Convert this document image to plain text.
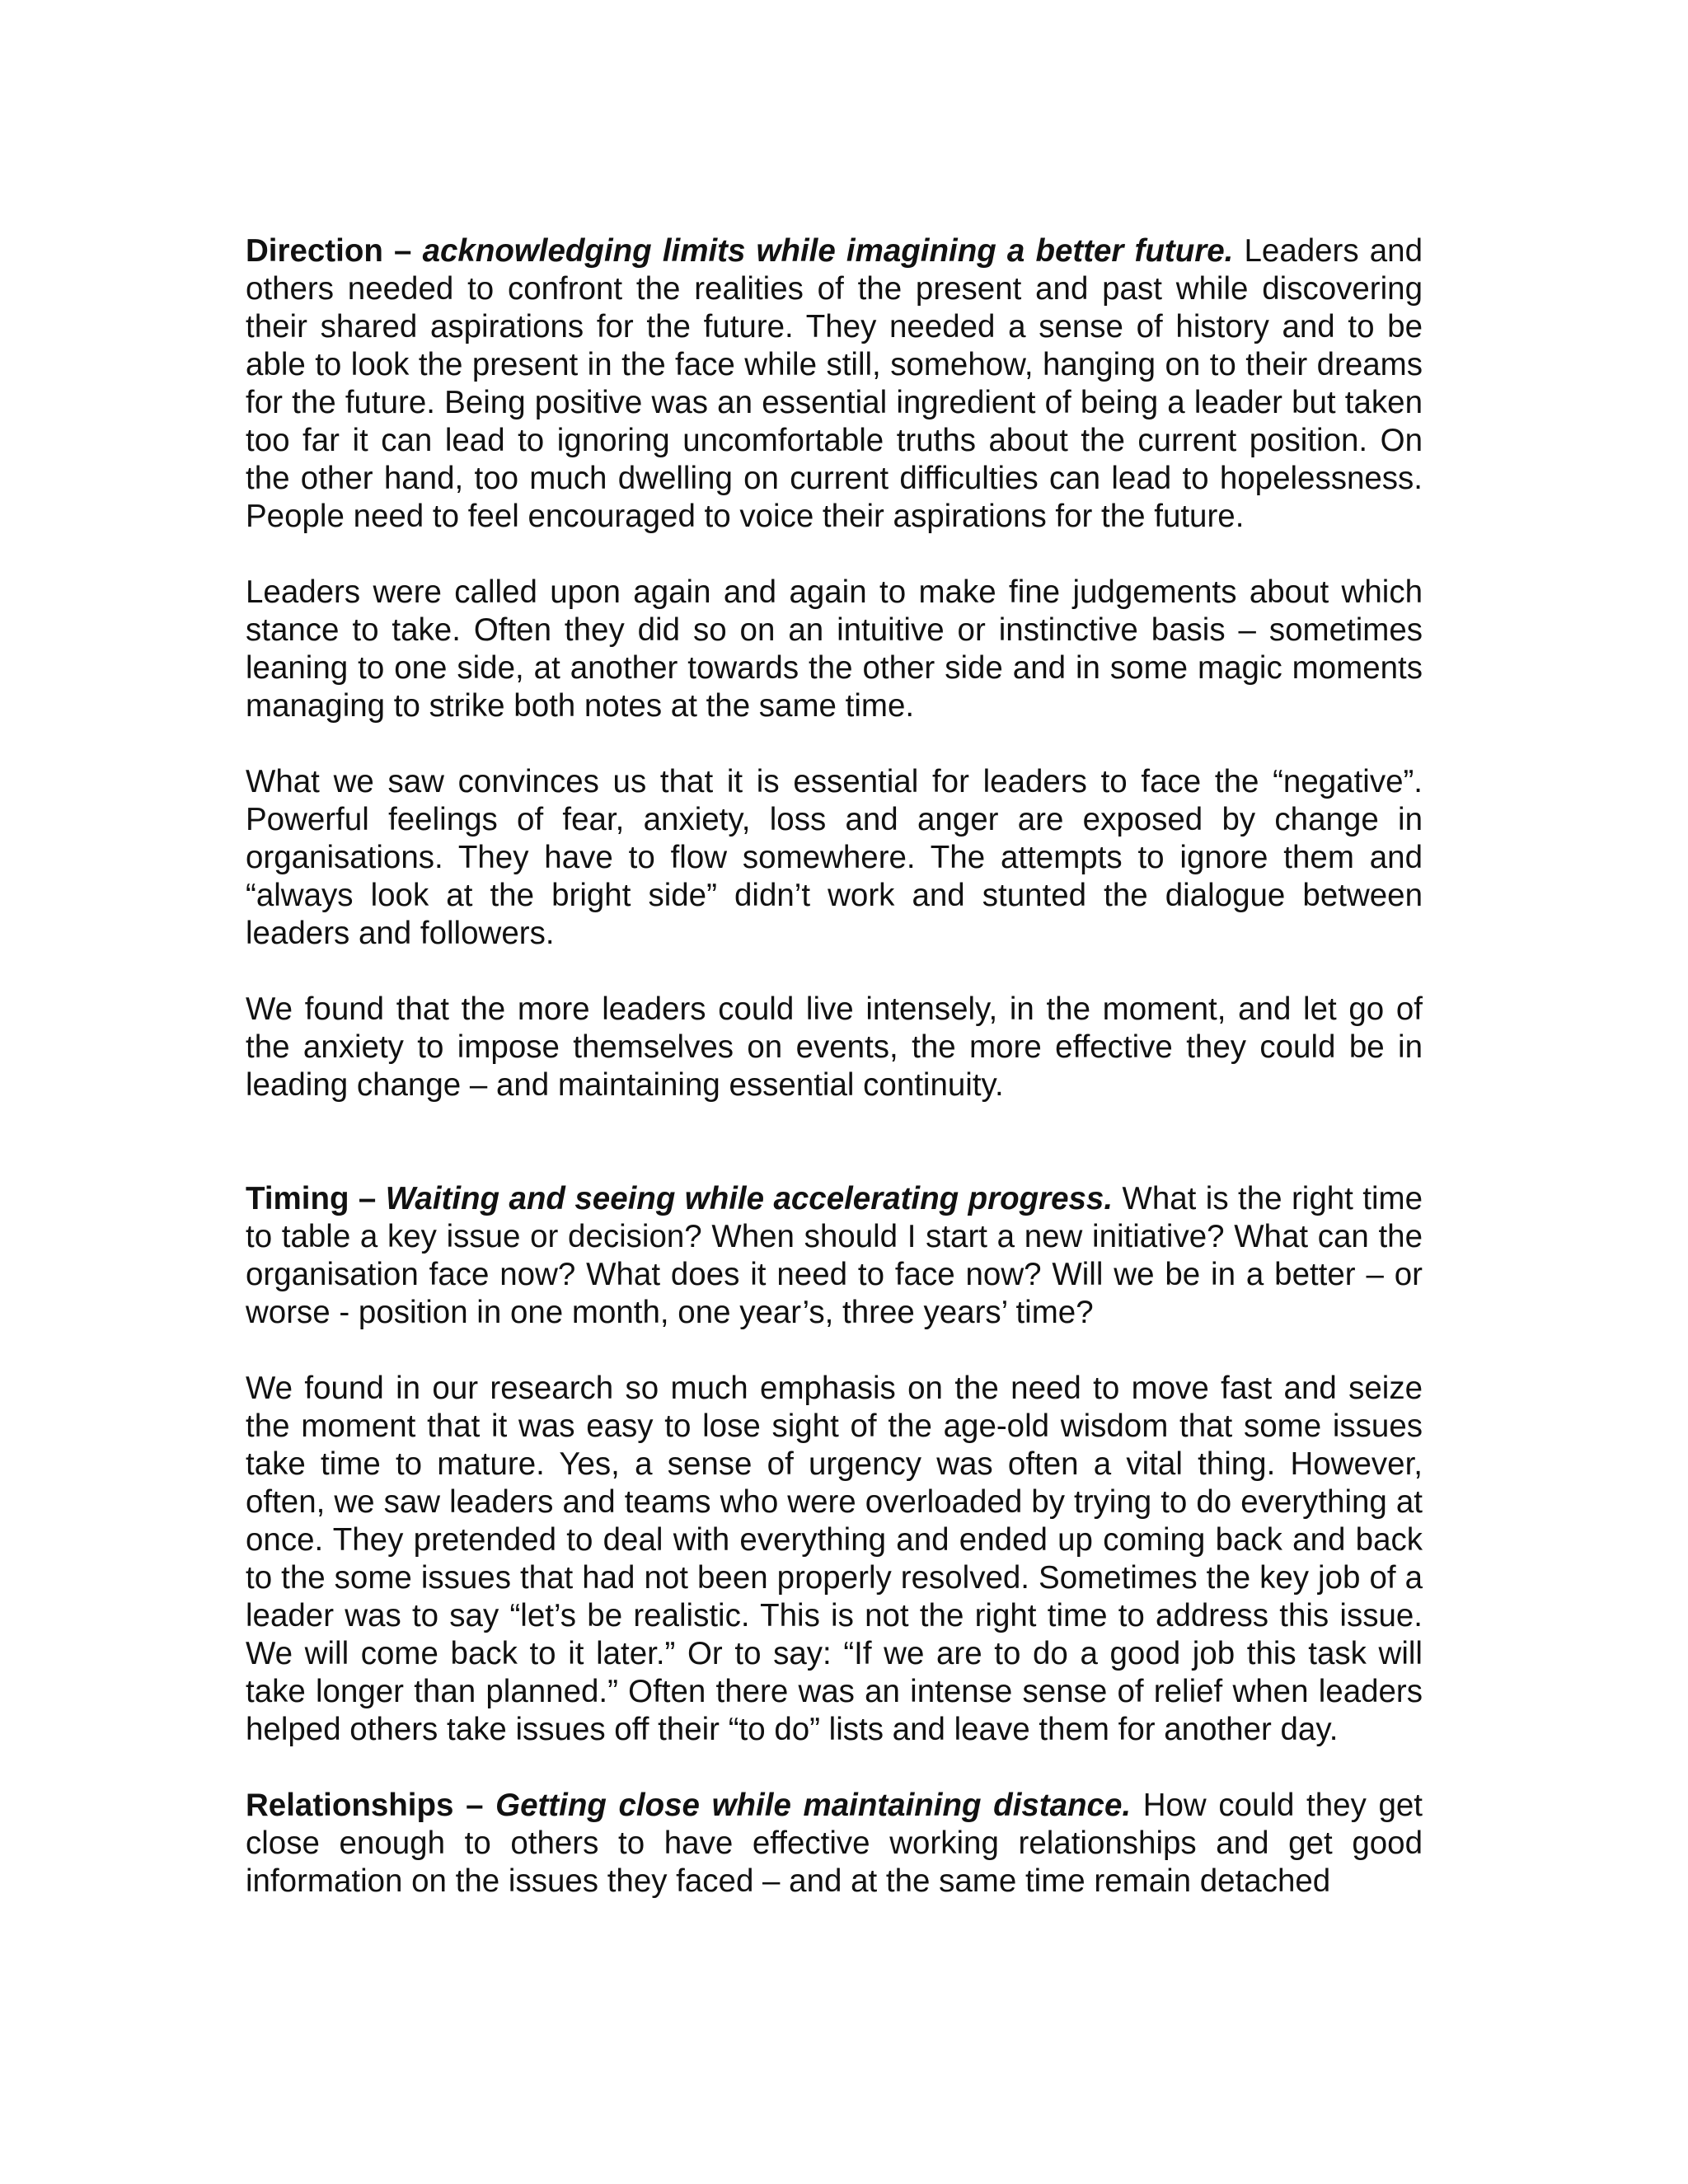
Direction – acknowledging limits while imagining a better future. Leaders and others needed to confront the realities of the present and past while discovering their shared aspirations for the future. They needed a sense of history and to be able to look the present in the face while still, somehow, hanging on to their dreams for the future. Being positive was an essential ingredient of being a leader but taken too far it can lead to ignoring uncomfortable truths about the current position. On the other hand, too much dwelling on current difficulties can lead to hopelessness. People need to feel encouraged to voice their aspirations for the future.

Leaders were called upon again and again to make fine judgements about which stance to take. Often they did so on an intuitive or instinctive basis – sometimes leaning to one side, at another towards the other side and in some magic moments managing to strike both notes at the same time.

What we saw convinces us that it is essential for leaders to face the “negative”. Powerful feelings of fear, anxiety, loss and anger are exposed by change in organisations. They have to flow somewhere. The attempts to ignore them and “always look at the bright side” didn’t work and stunted the dialogue between leaders and followers.

We found that the more leaders could live intensely, in the moment, and let go of the anxiety to impose themselves on events, the more effective they could be in leading change – and maintaining essential continuity.

Timing – Waiting and seeing while accelerating progress. What is the right time to table a key issue or decision? When should I start a new initiative? What can the organisation face now? What does it need to face now? Will we be in a better – or worse - position in one month, one year’s, three years’ time?

We found in our research so much emphasis on the need to move fast and seize the moment that it was easy to lose sight of the age-old wisdom that some issues take time to mature. Yes, a sense of urgency was often a vital thing. However, often, we saw leaders and teams who were overloaded by trying to do everything at once. They pretended to deal with everything and ended up coming back and back to the some issues that had not been properly resolved. Sometimes the key job of a leader was to say “let’s be realistic. This is not the right time to address this issue. We will come back to it later.” Or to say: “If we are to do a good job this task will take longer than planned.” Often there was an intense sense of relief when leaders helped others take issues off their “to do” lists and leave them for another day.

Relationships – Getting close while maintaining distance. How could they get close enough to others to have effective working relationships and get good information on the issues they faced – and at the same time remain detached
